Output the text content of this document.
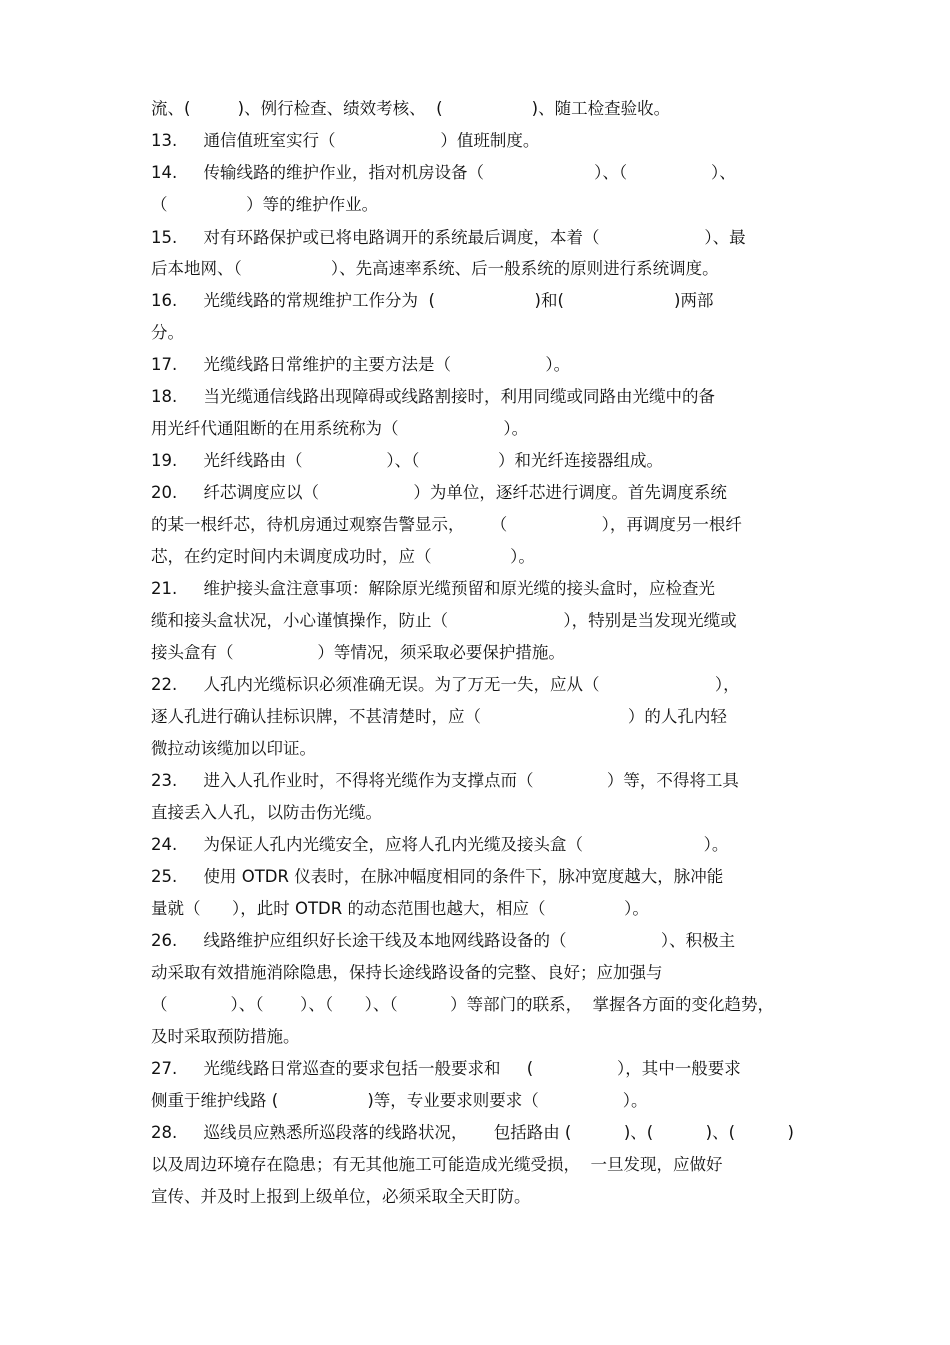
流、(         )、例行检查、绩效考核、  (                 )、随工检查验收。
13.     通信值班室实行（                    ）值班制度。
14.     传输线路的维护作业，指对机房设备（                     ）、（                ）、
（               ）等的维护作业。
15.     对有环路保护或已将电路调开的系统最后调度，本着（                    ）、最
后本地网、（                 ）、先高速率系统、后一般系统的原则进行系统调度。
16.     光缆线路的常规维护工作分为  (                   )和(                     )两部
分。
17.     光缆线路日常维护的主要方法是（                  ）。
18.     当光缆通信线路出现障碍或线路割接时，利用同缆或同路由光缆中的备
用光纤代通阻断的在用系统称为（                    ）。
19.     光纤线路由（                ）、（               ）和光纤连接器组成。
20.     纤芯调度应以（                  ）为单位，逐纤芯进行调度。首先调度系统
的某一根纤芯，待机房通过观察告警显示，     （                  ），再调度另一根纤
芯，在约定时间内未调度成功时，应（               ）。
21.     维护接头盒注意事项：解除原光缆预留和原光缆的接头盒时，应检查光
缆和接头盒状况，小心谨慎操作，防止（                      ），特别是当发现光缆或
接头盒有（                ）等情况，须采取必要保护措施。
22.     人孔内光缆标识必须准确无误。为了万无一失，应从（                      ），
逐人孔进行确认挂标识牌，不甚清楚时，应（                            ）的人孔内轻
微拉动该缆加以印证。
23.     进入人孔作业时，不得将光缆作为支撑点而（              ）等，不得将工具
直接丢入人孔，以防击伤光缆。
24.     为保证人孔内光缆安全，应将人孔内光缆及接头盒（                       ）。
25.     使用 OTDR 仪表时，在脉冲幅度相同的条件下，脉冲宽度越大，脉冲能
量就（      ），此时 OTDR 的动态范围也越大，相应（               ）。
26.     线路维护应组织好长途干线及本地网线路设备的（                  ）、积极主
动采取有效措施消除隐患，保持长途线路设备的完整、良好；应加强与
（            ）、（       ）、（      ）、（          ）等部门的联系，  掌握各方面的变化趋势，
及时采取预防措施。
27.     光缆线路日常巡查的要求包括一般要求和     (                ），其中一般要求
侧重于维护线路 (                 )等，专业要求则要求（                ）。
28.     巡线员应熟悉所巡段落的线路状况，     包括路由 (          )、(          )、(          )
以及周边环境存在隐患；有无其他施工可能造成光缆受损，  一旦发现，应做好
宣传、并及时上报到上级单位，必须采取全天盯防。
